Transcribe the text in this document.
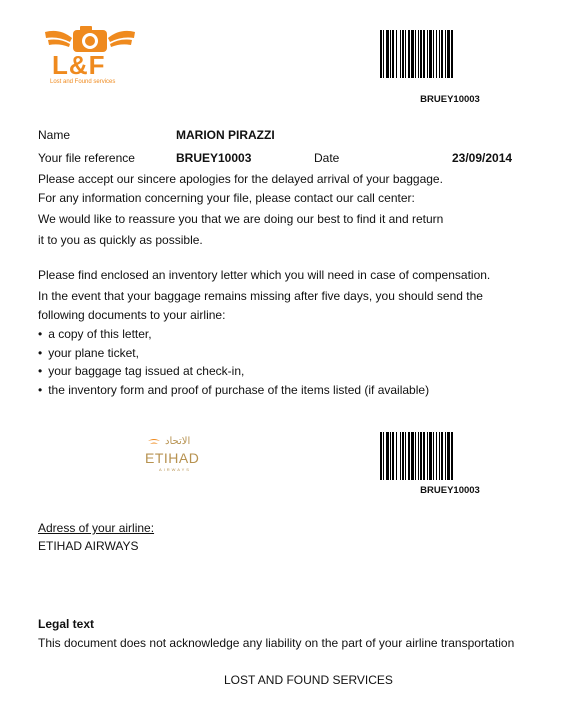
L&F
Lost and Found services
BRUEY10003
Name	MARION PIRAZZI
Your file reference	BRUEY10003	Date	23/09/2014
Please accept our sincere apologies for the delayed arrival of your baggage.
For any information concerning your file, please contact our call center:
We would like to reassure you that we are doing our best to find it and return
it to you as quickly as possible.
Please find enclosed an inventory letter which you will need in case of compensation.
In the event that your baggage remains missing after five days, you should send the
following documents to your airline:
• a copy of this letter,
• your plane ticket,
• your baggage tag issued at check-in,
• the inventory form and proof of purchase of the items listed (if available)
الاتحاد
ETIHAD
AIRWAYS
BRUEY10003
Adress of your airline:
ETIHAD AIRWAYS
Legal text
This document does not acknowledge any liability on the part of your airline transportation
LOST AND FOUND SERVICES
